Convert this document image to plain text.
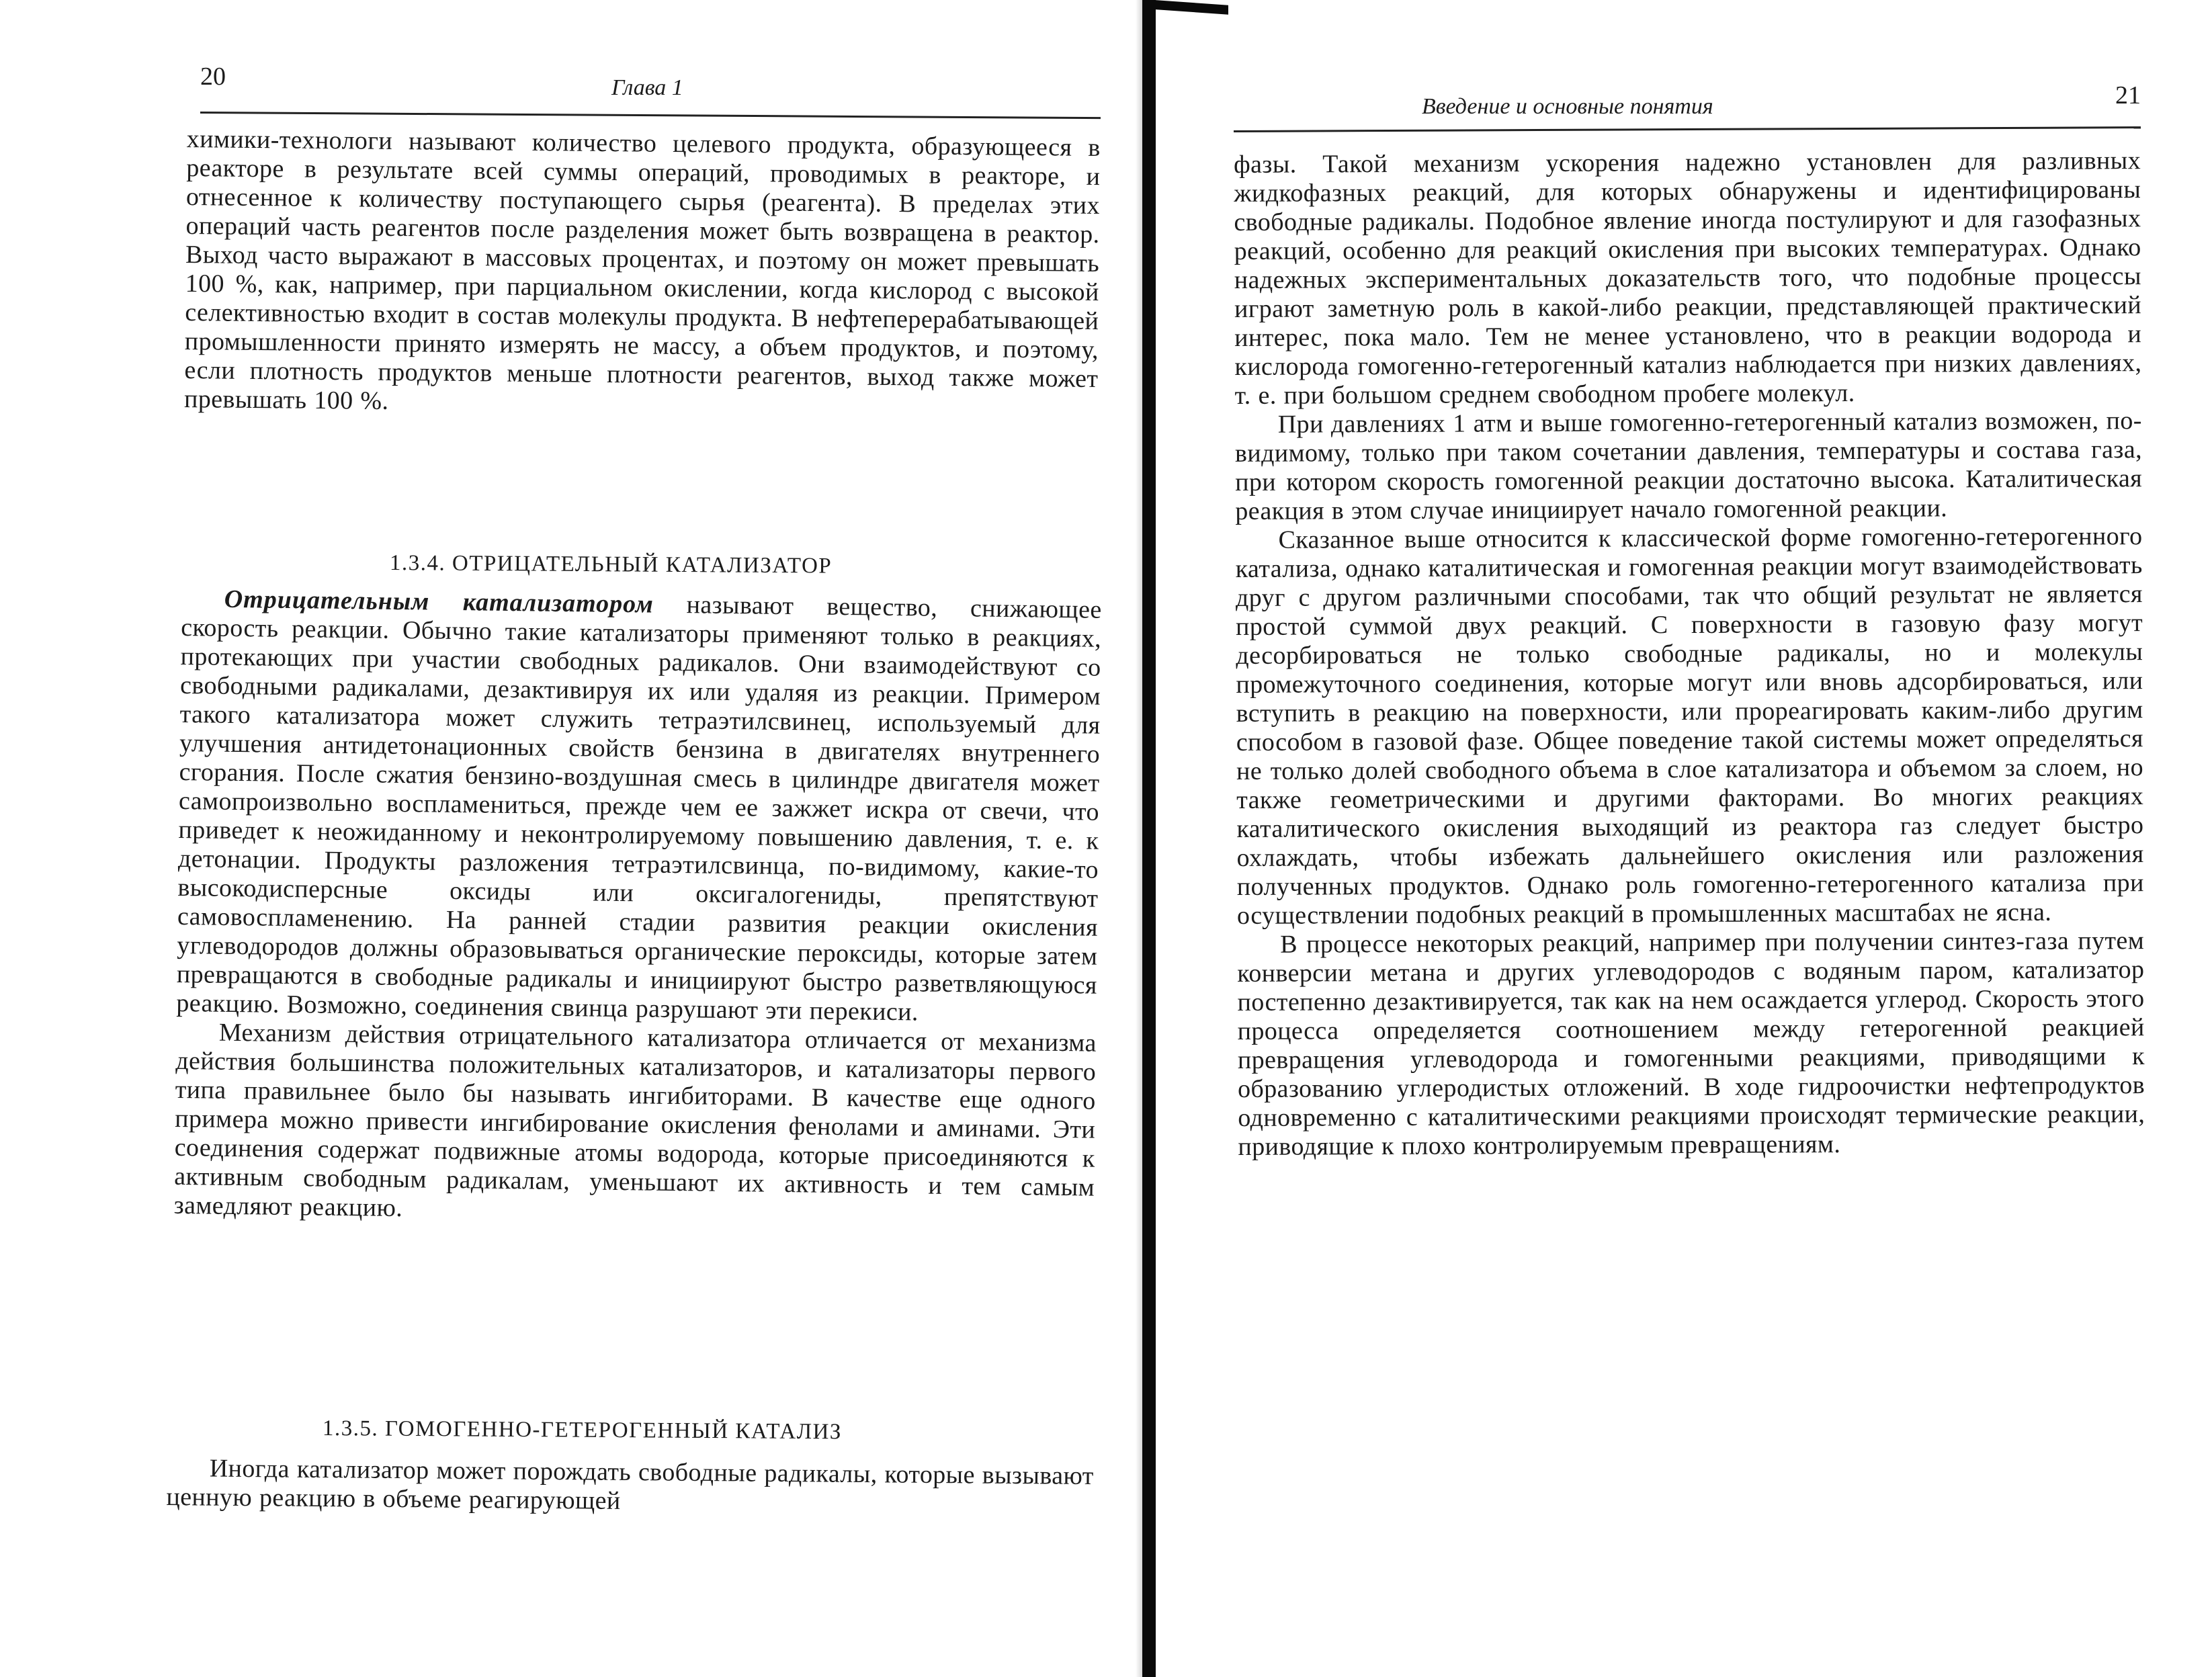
20	Глава 1

химики-технологи называют количество целевого продукта, образующееся в реакторе в результате всей суммы операций, проводимых в реакторе, и отнесенное к количеству поступающего сырья (реагента). В пределах этих операций часть реагентов после разделения может быть возвращена в реактор. Выход часто выражают в массовых процентах, и поэтому он может превышать 100 %, как, например, при парциальном окислении, когда кислород с высокой селективностью входит в состав молекулы продукта. В нефтеперерабатывающей промышленности принято измерять не массу, а объем продуктов, и поэтому, если плотность продуктов меньше плотности реагентов, выход также может превышать 100 %.

1.3.4. ОТРИЦАТЕЛЬНЫЙ КАТАЛИЗАТОР

Отрицательным катализатором называют вещество, снижающее скорость реакции. Обычно такие катализаторы применяют только в реакциях, протекающих при участии свободных радикалов. Они взаимодействуют со свободными радикалами, дезактивируя их или удаляя из реакции. Примером такого катализатора может служить тетраэтилсвинец, используемый для улучшения антидетонационных свойств бензина в двигателях внутреннего сгорания. После сжатия бензино-воздушная смесь в цилиндре двигателя может самопроизвольно воспламениться, прежде чем ее зажжет искра от свечи, что приведет к неожиданному и неконтролируемому повышению давления, т. е. к детонации. Продукты разложения тетраэтилсвинца, по-видимому, какие-то высокодисперсные оксиды или оксигалогениды, препятствуют самовоспламенению. На ранней стадии развития реакции окисления углеводородов должны образовываться органические пероксиды, которые затем превращаются в свободные радикалы и инициируют быстро разветвляющуюся реакцию. Возможно, соединения свинца разрушают эти перекиси.

Механизм действия отрицательного катализатора отличается от механизма действия большинства положительных катализаторов, и катализаторы первого типа правильнее было бы называть ингибиторами. В качестве еще одного примера можно привести ингибирование окисления фенолами и аминами. Эти соединения содержат подвижные атомы водорода, которые присоединяются к активным свободным радикалам, уменьшают их активность и тем самым замедляют реакцию.

1.3.5. ГОМОГЕННО-ГЕТЕРОГЕННЫЙ КАТАЛИЗ

Иногда катализатор может порождать свободные радикалы, которые вызывают ценную реакцию в объеме реагирующей

Введение и основные понятия	21

фазы. Такой механизм ускорения надежно установлен для разливных жидкофазных реакций, для которых обнаружены и идентифицированы свободные радикалы. Подобное явление иногда постулируют и для газофазных реакций, особенно для реакций окисления при высоких температурах. Однако надежных экспериментальных доказательств того, что подобные процессы играют заметную роль в какой-либо реакции, представляющей практический интерес, пока мало. Тем не менее установлено, что в реакции водорода и кислорода гомогенно-гетерогенный катализ наблюдается при низких давлениях, т. е. при большом среднем свободном пробеге молекул.

При давлениях 1 атм и выше гомогенно-гетерогенный катализ возможен, по-видимому, только при таком сочетании давления, температуры и состава газа, при котором скорость гомогенной реакции достаточно высока. Каталитическая реакция в этом случае инициирует начало гомогенной реакции.

Сказанное выше относится к классической форме гомогенно-гетерогенного катализа, однако каталитическая и гомогенная реакции могут взаимодействовать друг с другом различными способами, так что общий результат не является простой суммой двух реакций. С поверхности в газовую фазу могут десорбироваться не только свободные радикалы, но и молекулы промежуточного соединения, которые могут или вновь адсорбироваться, или вступить в реакцию на поверхности, или прореагировать каким-либо другим способом в газовой фазе. Общее поведение такой системы может определяться не только долей свободного объема в слое катализатора и объемом за слоем, но также геометрическими и другими факторами. Во многих реакциях каталитического окисления выходящий из реактора газ следует быстро охлаждать, чтобы избежать дальнейшего окисления или разложения полученных продуктов. Однако роль гомогенно-гетерогенного катализа при осуществлении подобных реакций в промышленных масштабах не ясна.

В процессе некоторых реакций, например при получении синтез-газа путем конверсии метана и других углеводородов с водяным паром, катализатор постепенно дезактивируется, так как на нем осаждается углерод. Скорость этого процесса определяется соотношением между гетерогенной реакцией превращения углеводорода и гомогенными реакциями, приводящими к образованию углеродистых отложений. В ходе гидроочистки нефтепродуктов одновременно с каталитическими реакциями происходят термические реакции, приводящие к плохо контролируемым превращениям.
